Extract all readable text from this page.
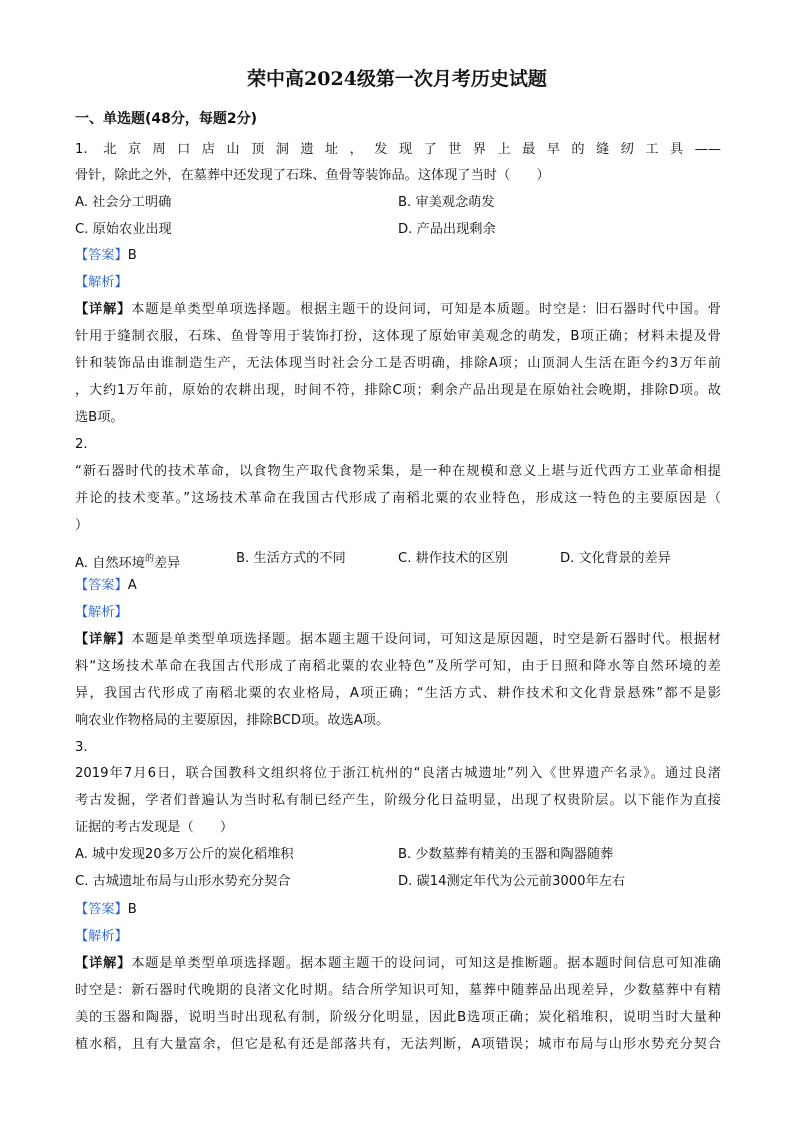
荣中高2024级第一次月考历史试题
一、单选题(48分，每题2分)
1. 北京周口店山顶洞遗址，发现了世界上最早的缝纫工具——
骨针，除此之外，在墓葬中还发现了石珠、鱼骨等装饰品。这体现了当时（　　）
A. 社会分工明确	B. 审美观念萌发
C. 原始农业出现	D. 产品出现剩余
【答案】B
【解析】
【详解】本题是单类型单项选择题。根据主题干的设问词，可知是本质题。时空是：旧石器时代中国。骨
针用于缝制衣服，石珠、鱼骨等用于装饰打扮，这体现了原始审美观念的萌发，B项正确；材料未提及骨
针和装饰品由谁制造生产，无法体现当时社会分工是否明确，排除A项；山顶洞人生活在距今约3万年前
，大约1万年前，原始的农耕出现，时间不符，排除C项；剩余产品出现是在原始社会晚期，排除D项。故
选B项。
2.
“新石器时代的技术革命，以食物生产取代食物采集，是一种在规模和意义上堪与近代西方工业革命相提
并论的技术变革。”这场技术革命在我国古代形成了南稻北粟的农业特色，形成这一特色的主要原因是（
）
A. 自然环境$^的$差异	B. 生活方式的不同	C. 耕作技术的区别	D. 文化背景的差异
【答案】A
【解析】
【详解】本题是单类型单项选择题。据本题主题干设问词，可知这是原因题，时空是新石器时代。根据材
料“这场技术革命在我国古代形成了南稻北粟的农业特色”及所学可知，由于日照和降水等自然环境的差
异，我国古代形成了南稻北粟的农业格局，A项正确；“生活方式、耕作技术和文化背景悬殊”都不是影
响农业作物格局的主要原因，排除BCD项。故选A项。
3.
2019年7月6日，联合国教科文组织将位于浙江杭州的“良渚古城遗址”列入《世界遗产名录》。通过良渚
考古发掘，学者们普遍认为当时私有制已经产生，阶级分化日益明显，出现了权贵阶层。以下能作为直接
证据的考古发现是（　　）
A. 城中发现20多万公斤的炭化稻堆积	B. 少数墓葬有精美的玉器和陶器随葬
C. 古城遗址布局与山形水势充分契合	D. 碳14测定年代为公元前3000年左右
【答案】B
【解析】
【详解】本题是单类型单项选择题。据本题主题干的设问词，可知这是推断题。据本题时间信息可知准确
时空是：新石器时代晚期的良渚文化时期。结合所学知识可知，墓葬中随葬品出现差异，少数墓葬中有精
美的玉器和陶器，说明当时出现私有制，阶级分化明显，因此B选项正确；炭化稻堆积，说明当时大量种
植水稻，且有大量富余，但它是私有还是部落共有，无法判断，A项错误；城市布局与山形水势充分契合
